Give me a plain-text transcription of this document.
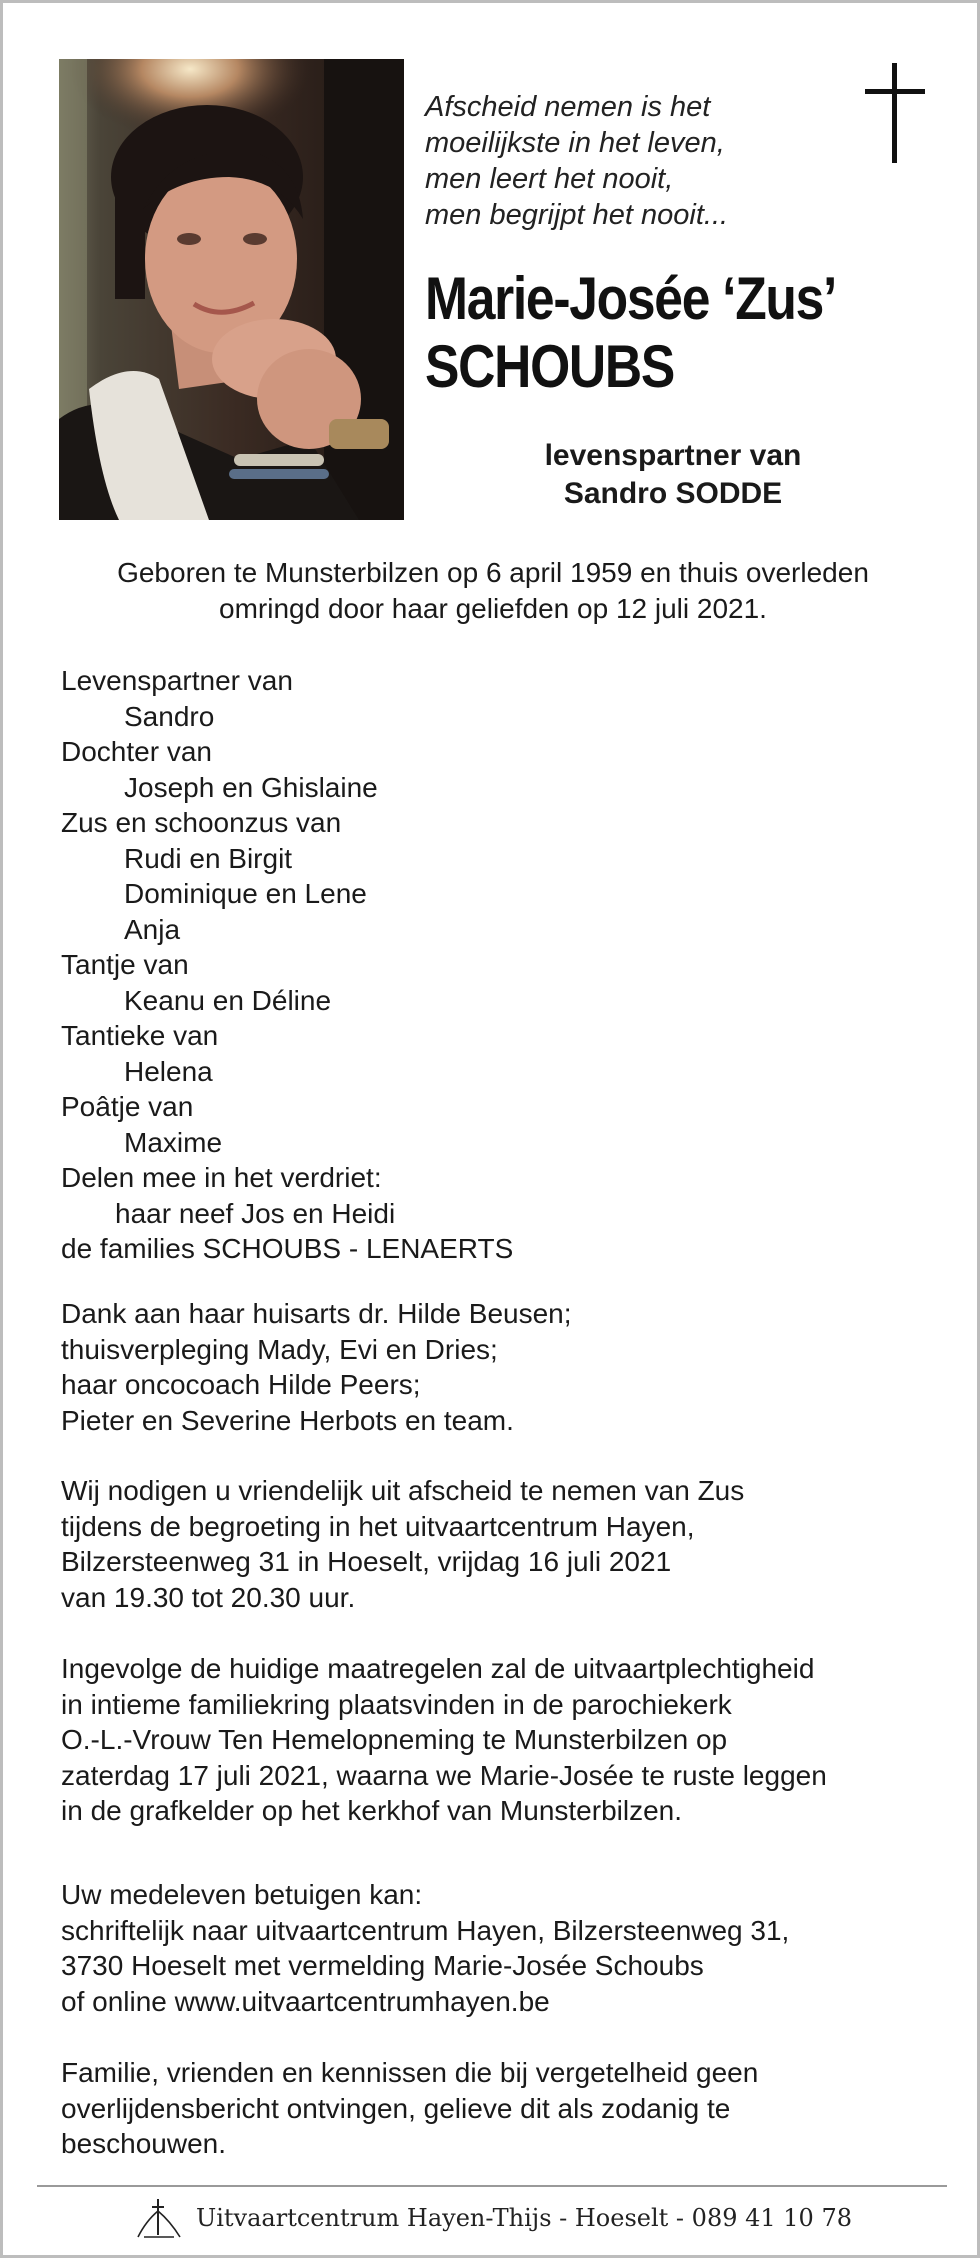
Afscheid nemen is het
moeilijkste in het leven,
men leert het nooit,
men begrijpt het nooit...
Marie-Josée ‘Zus’
SCHOUBS
levenspartner van
Sandro SODDE
Geboren te Munsterbilzen op 6 april 1959 en thuis overleden
omringd door haar geliefden op 12 juli 2021.
Levenspartner van
Sandro
Dochter van
Joseph en Ghislaine
Zus en schoonzus van
Rudi en Birgit
Dominique en Lene
Anja
Tantje van
Keanu en Déline
Tantieke van
Helena
Poâtje van
Maxime
Delen mee in het verdriet:
haar neef Jos en Heidi
de families SCHOUBS - LENAERTS
Dank aan haar huisarts dr. Hilde Beusen;
thuisverpleging Mady, Evi en Dries;
haar oncocoach Hilde Peers;
Pieter en Severine Herbots en team.
Wij nodigen u vriendelijk uit afscheid te nemen van Zus
tijdens de begroeting in het uitvaartcentrum Hayen,
Bilzersteenweg 31 in Hoeselt, vrijdag 16 juli 2021
van 19.30 tot 20.30 uur.
Ingevolge de huidige maatregelen zal de uitvaartplechtigheid
in intieme familiekring plaatsvinden in de parochiekerk
O.-L.-Vrouw Ten Hemelopneming te Munsterbilzen op
zaterdag 17 juli 2021, waarna we Marie-Josée te ruste leggen
in de grafkelder op het kerkhof van Munsterbilzen.
Uw medeleven betuigen kan:
schriftelijk naar uitvaartcentrum Hayen, Bilzersteenweg 31,
3730 Hoeselt met vermelding Marie-Josée Schoubs
of online www.uitvaartcentrumhayen.be
Familie, vrienden en kennissen die bij vergetelheid geen
overlijdensbericht ontvingen, gelieve dit als zodanig te
beschouwen.
Uitvaartcentrum Hayen-Thijs - Hoeselt - 089 41 10 78
